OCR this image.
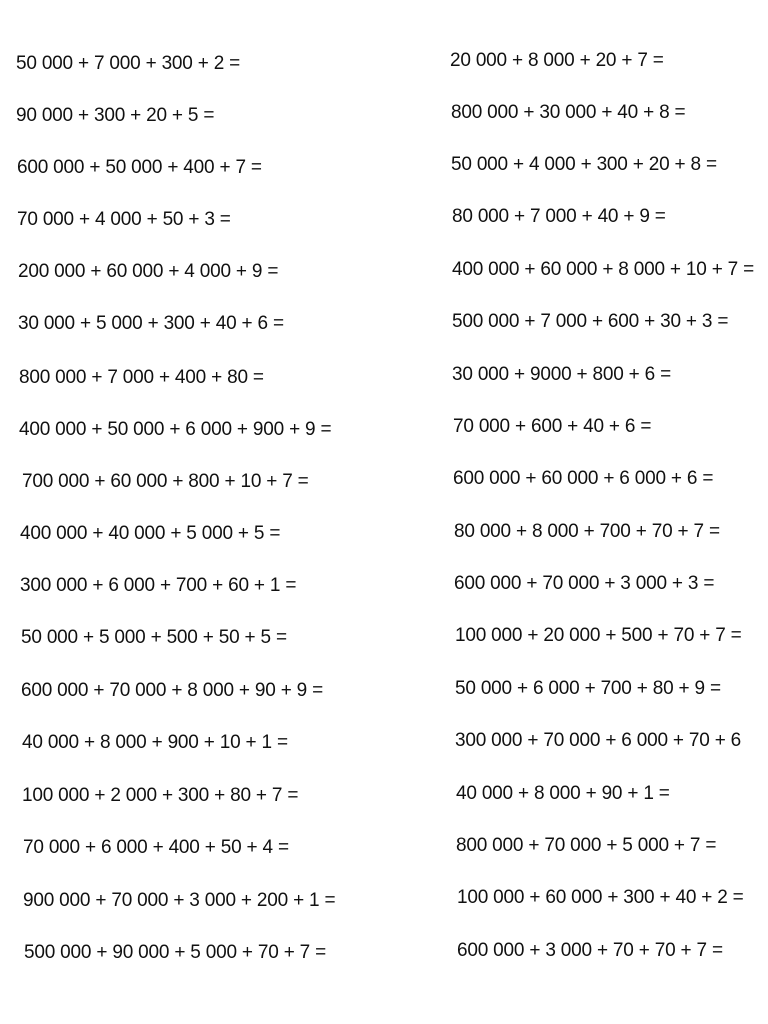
50 000 + 7 000 + 300 + 2 =
90 000 + 300 + 20 + 5 =
600 000 + 50 000 + 400 + 7 =
70 000 + 4 000 + 50 + 3 =
200 000 + 60 000 + 4 000 + 9 =
30 000 + 5 000 + 300 + 40 + 6 =
800 000 + 7 000 + 400 + 80 =
400 000 + 50 000 + 6 000 + 900 + 9 =
700 000 + 60 000 + 800 + 10 + 7 =
400 000 + 40 000 + 5 000 + 5 =
300 000 + 6 000 + 700 + 60 + 1 =
50 000 + 5 000 + 500 + 50 + 5 =
600 000 + 70 000 + 8 000 + 90 + 9 =
40 000 + 8 000 + 900 + 10 + 1 =
100 000 + 2 000 + 300 + 80 + 7 =
70 000 + 6 000 + 400 + 50 + 4 =
900 000 + 70 000 + 3 000 + 200 + 1 =
500 000 + 90 000 + 5 000 + 70 + 7 =
20 000 + 8 000 + 20 + 7 =
800 000 + 30 000 + 40 + 8 =
50 000 + 4 000 + 300 + 20 + 8 =
80 000 + 7 000 + 40 + 9 =
400 000 + 60 000 + 8 000 + 10 + 7 =
500 000 + 7 000 + 600 + 30 + 3 =
30 000 + 9000 + 800 + 6 =
70 000 + 600 + 40 + 6 =
600 000 + 60 000 + 6 000 + 6 =
80 000 + 8 000 + 700 + 70 + 7 =
600 000 + 70 000 + 3 000 + 3 =
100 000 + 20 000 + 500 + 70 + 7 =
50 000 + 6 000 + 700 + 80 + 9 =
300 000 + 70 000 + 6 000 + 70 + 6
40 000 + 8 000 + 90 + 1 =
800 000 + 70 000 + 5 000 + 7 =
100 000 + 60 000 + 300 + 40 + 2 =
600 000 + 3 000 + 70 + 70 + 7 =
